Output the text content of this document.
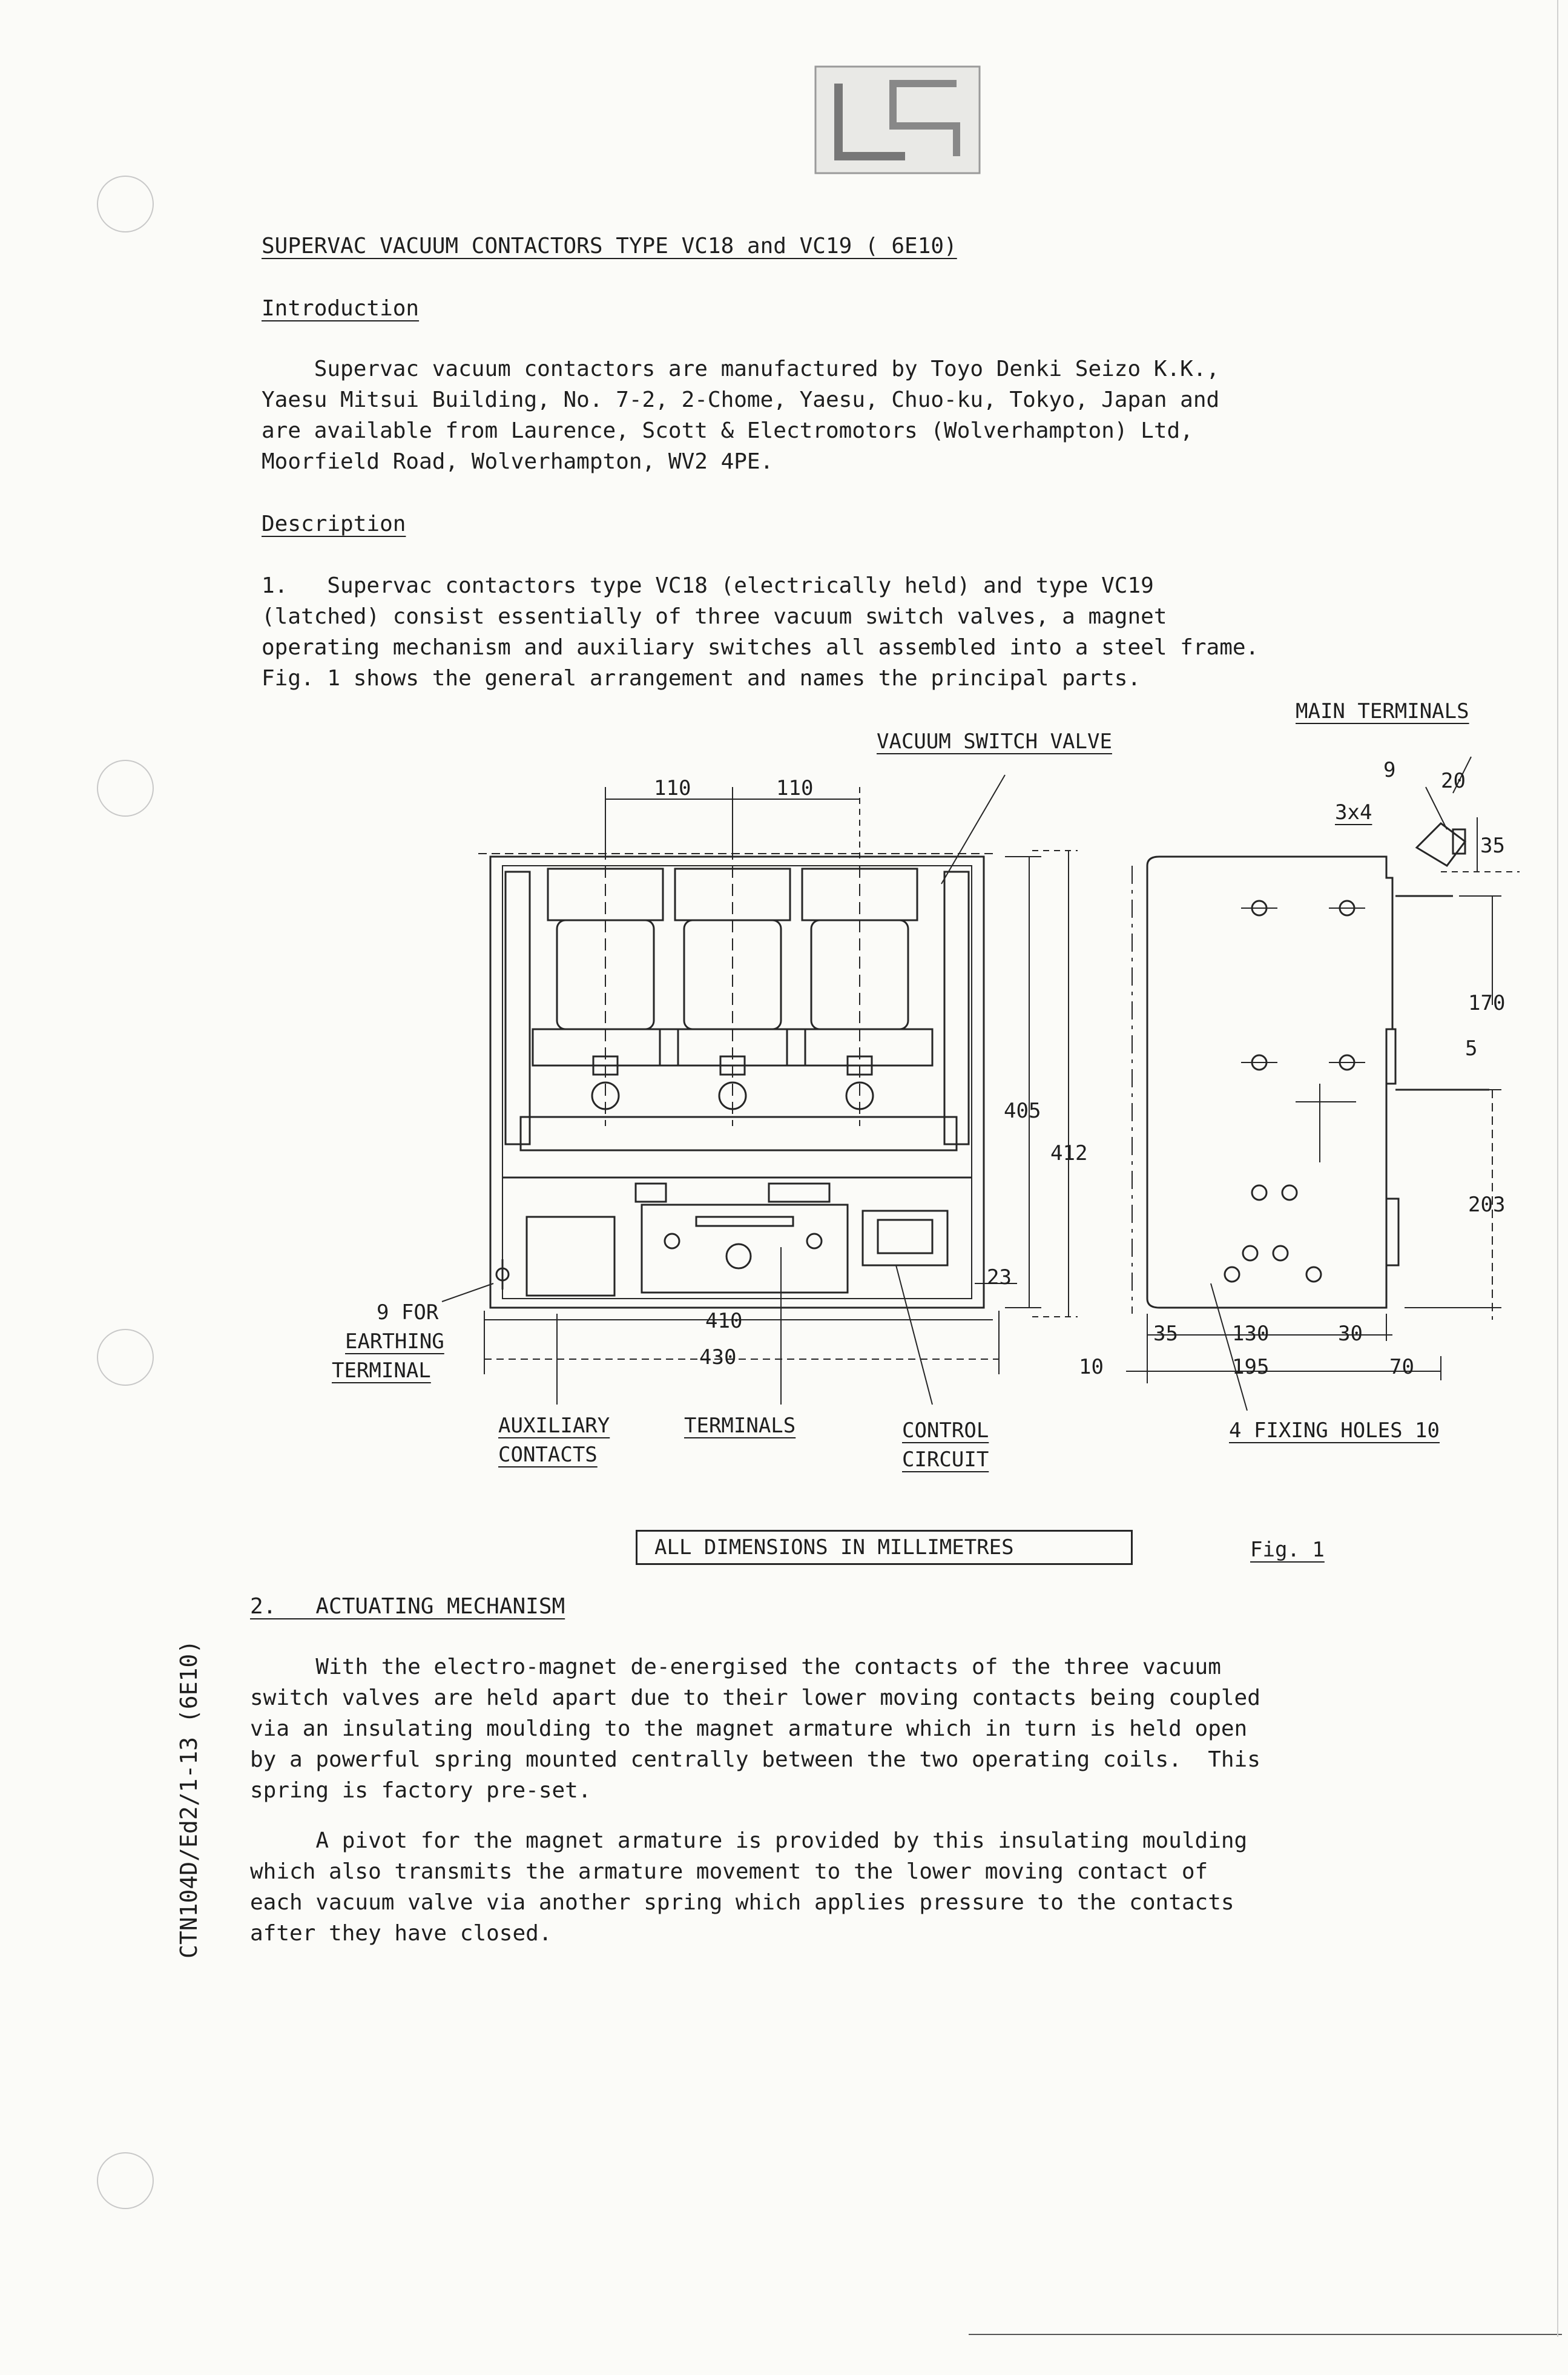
SUPERVAC VACUUM CONTACTORS TYPE VC18 and VC19 ( 6E10)
Introduction
Supervac vacuum contactors are manufactured by Toyo Denki Seizo K.K.,
Yaesu Mitsui Building, No. 7-2, 2-Chome, Yaesu, Chuo-ku, Tokyo, Japan and
are available from Laurence, Scott & Electromotors (Wolverhampton) Ltd,
Moorfield Road, Wolverhampton, WV2 4PE.
Description
1.   Supervac contactors type VC18 (electrically held) and type VC19
(latched) consist essentially of three vacuum switch valves, a magnet
operating mechanism and auxiliary switches all assembled into a steel frame.
Fig. 1 shows the general arrangement and names the principal parts.
MAIN TERMINALS
VACUUM SWITCH VALVE
9 FOR
EARTHING
TERMINAL
AUXILIARY
CONTACTS
TERMINALS	CONTROL
CIRCUIT
4 FIXING HOLES 10
110	110
405
412
23
410
430	10
9 20
3x4
35
170
5
203
35	130	30
195	70
ALL DIMENSIONS IN MILLIMETRES	Fig. 1
2.   ACTUATING MECHANISM
With the electro-magnet de-energised the contacts of the three vacuum
switch valves are held apart due to their lower moving contacts being coupled
via an insulating moulding to the magnet armature which in turn is held open
by a powerful spring mounted centrally between the two operating coils.  This
spring is factory pre-set.
A pivot for the magnet armature is provided by this insulating moulding
which also transmits the armature movement to the lower moving contact of
each vacuum valve via another spring which applies pressure to the contacts
after they have closed.
CTN104D/Ed2/1-13 (6E10)
